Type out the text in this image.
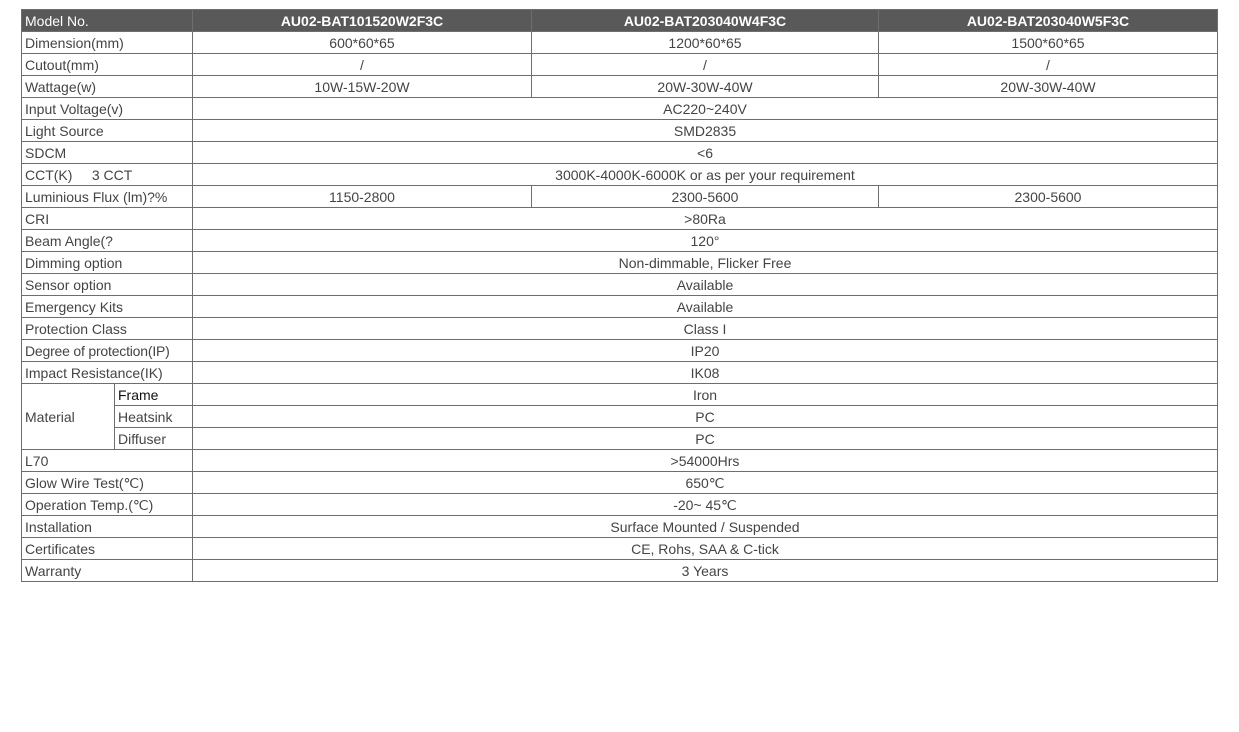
Model No.		AU02-BAT101520W2F3C	AU02-BAT203040W4F3C	AU02-BAT203040W5F3C
Dimension(mm)		600*60*65	1200*60*65	1500*60*65
Cutout(mm)		/	/	/
Wattage(w)		10W-15W-20W	20W-30W-40W	20W-30W-40W
Input Voltage(v)		AC220~240V		
Light Source		SMD2835		
SDCM		<6		
CCT(K)     3 CCT		3000K-4000K-6000K or as per your requirement		
Luminious Flux (lm)?%		1150-2800	2300-5600	2300-5600
CRI		>80Ra		
Beam Angle(?		120°		
Dimming option		Non-dimmable, Flicker Free		
Sensor option		Available		
Emergency Kits		Available		
Protection Class		Class I		
Degree of protection(IP)		IP20		
Impact Resistance(IK)		IK08		
Material	Frame	Iron		
	Heatsink	PC		
	Diffuser	PC		
L70		>54000Hrs		
Glow Wire Test(℃)		650℃		
Operation Temp.(℃)		-20~ 45℃		
Installation		Surface Mounted / Suspended		
Certificates		CE, Rohs, SAA & C-tick		
Warranty		3 Years		
